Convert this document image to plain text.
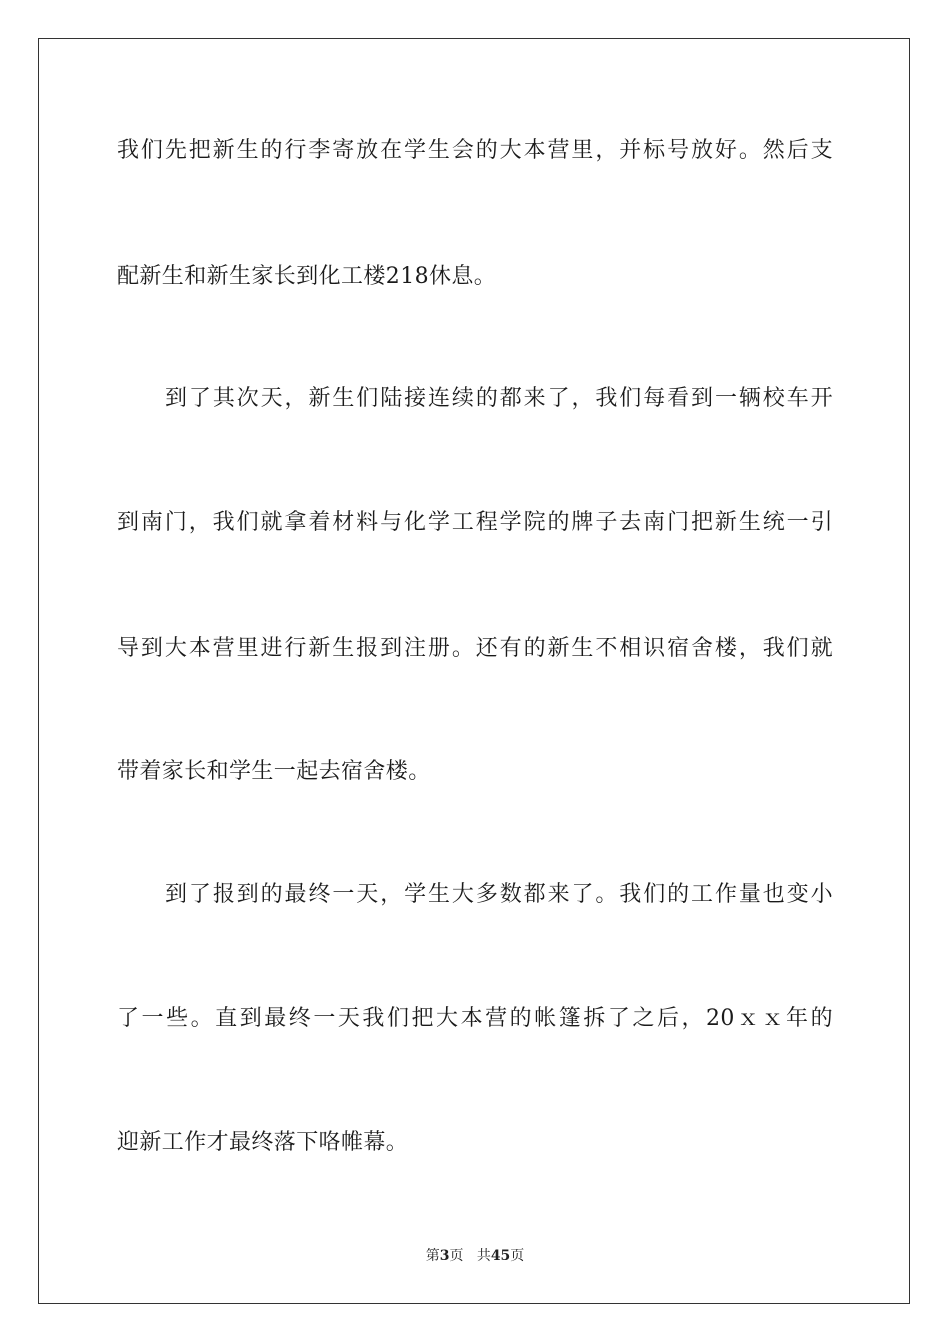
我们先把新生的行李寄放在学生会的大本营里，并标号放好。然后支
配新生和新生家长到化工楼218休息。
到了其次天，新生们陆接连续的都来了，我们每看到一辆校车开
到南门，我们就拿着材料与化学工程学院的牌子去南门把新生统一引
导到大本营里进行新生报到注册。还有的新生不相识宿舍楼，我们就
带着家长和学生一起去宿舍楼。
到了报到的最终一天，学生大多数都来了。我们的工作量也变小
了一些。直到最终一天我们把大本营的帐篷拆了之后，20ｘｘ年的
迎新工作才最终落下咯帷幕。
第3页 共45页
